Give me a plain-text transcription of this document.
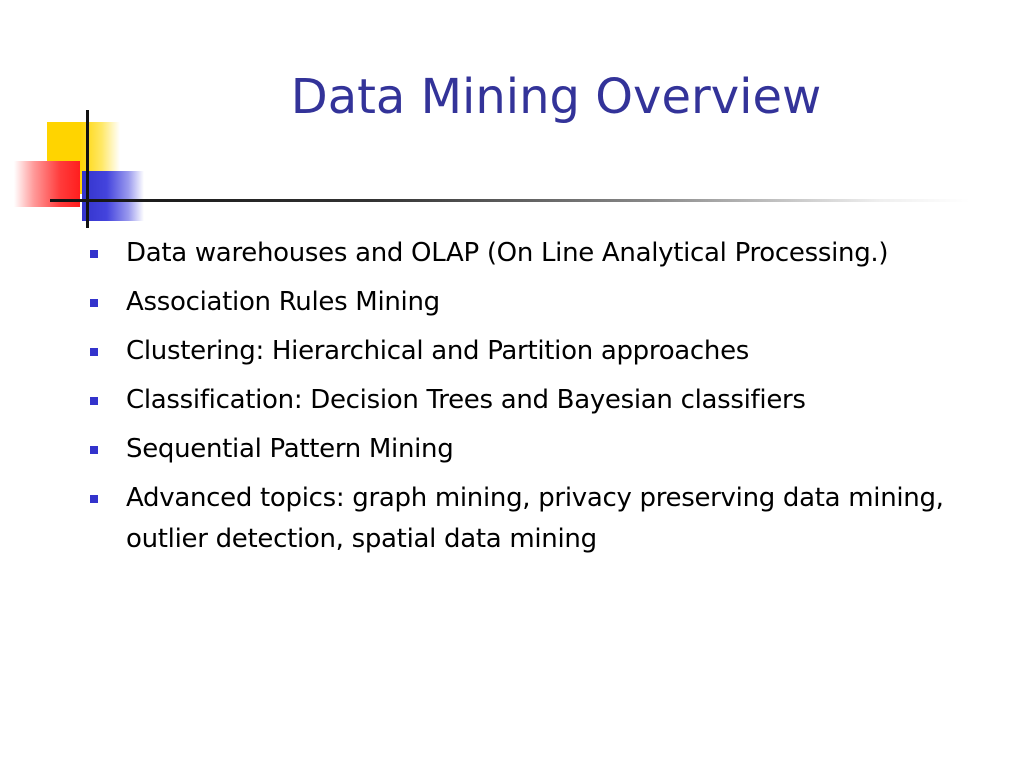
Data Mining Overview
Data warehouses and OLAP (On Line Analytical Processing.)
Association Rules Mining
Clustering: Hierarchical and Partition approaches
Classification: Decision Trees and Bayesian classifiers
Sequential Pattern Mining
Advanced topics: graph mining, privacy preserving data mining, outlier detection, spatial data mining
